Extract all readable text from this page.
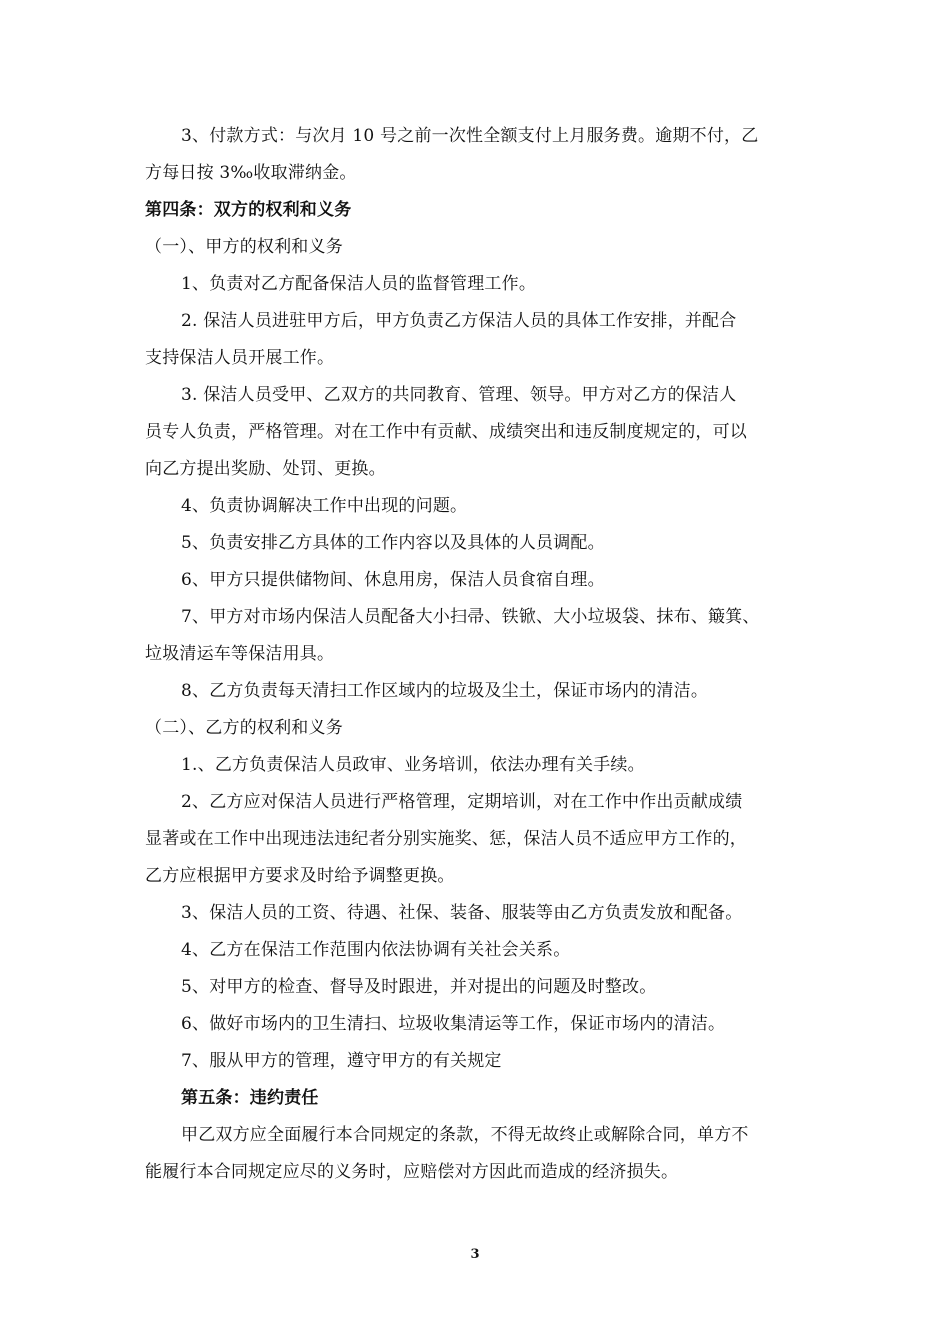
3、付款方式：与次月 10 号之前一次性全额支付上月服务费。逾期不付，乙
方每日按 3‰收取滞纳金。
第四条：双方的权利和义务
（一）、甲方的权利和义务
1、负责对乙方配备保洁人员的监督管理工作。
2. 保洁人员进驻甲方后，甲方负责乙方保洁人员的具体工作安排，并配合
支持保洁人员开展工作。
3. 保洁人员受甲、乙双方的共同教育、管理、领导。甲方对乙方的保洁人
员专人负责，严格管理。对在工作中有贡献、成绩突出和违反制度规定的，可以
向乙方提出奖励、处罚、更换。
4、负责协调解决工作中出现的问题。
5、负责安排乙方具体的工作内容以及具体的人员调配。
6、甲方只提供储物间、休息用房，保洁人员食宿自理。
7、甲方对市场内保洁人员配备大小扫帚、铁锨、大小垃圾袋、抹布、簸箕、
垃圾清运车等保洁用具。
8、乙方负责每天清扫工作区域内的垃圾及尘土，保证市场内的清洁。
（二）、乙方的权利和义务
1.、乙方负责保洁人员政审、业务培训，依法办理有关手续。
2、乙方应对保洁人员进行严格管理，定期培训，对在工作中作出贡献成绩
显著或在工作中出现违法违纪者分别实施奖、惩，保洁人员不适应甲方工作的，
乙方应根据甲方要求及时给予调整更换。
3、保洁人员的工资、待遇、社保、装备、服装等由乙方负责发放和配备。
4、乙方在保洁工作范围内依法协调有关社会关系。
5、对甲方的检查、督导及时跟进，并对提出的问题及时整改。
6、做好市场内的卫生清扫、垃圾收集清运等工作，保证市场内的清洁。
7、服从甲方的管理，遵守甲方的有关规定
第五条：违约责任
甲乙双方应全面履行本合同规定的条款，不得无故终止或解除合同，单方不
能履行本合同规定应尽的义务时，应赔偿对方因此而造成的经济损失。
3
